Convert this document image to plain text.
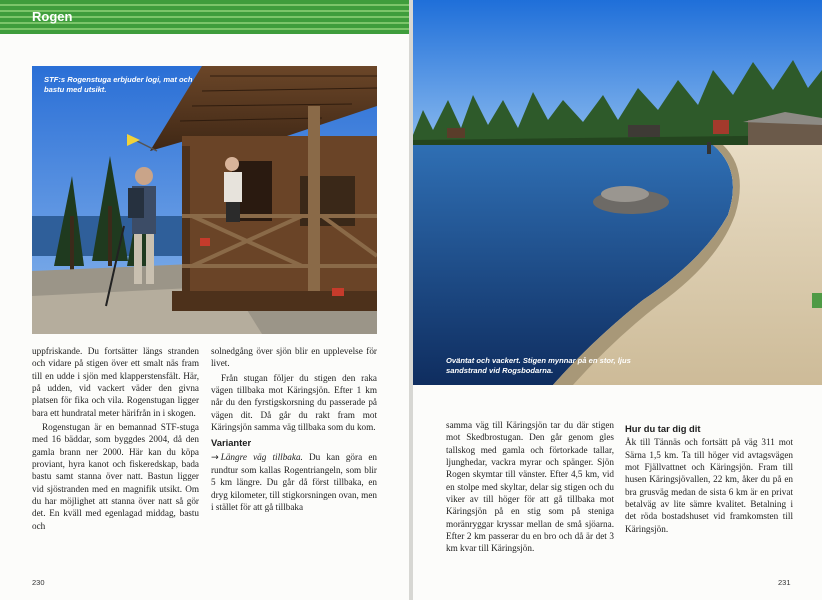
Rogen

STF:s Rogenstuga erbjuder logi, mat och bastu med utsikt.

Oväntat och vackert. Stigen mynnar på en stor, ljus sandstrand vid Rogsbodarna.

uppfriskande. Du fortsätter längs stranden och vidare på stigen över ett smalt näs fram till en udde i sjön med klapperstensfält. Här, på udden, vid vackert väder den givna platsen för fika och vila. Rogenstugan ligger bara ett hundratal meter härifrån in i skogen.

Rogenstugan är en bemannad STF-stuga med 16 bäddar, som byggdes 2004, då den gamla brann ner 2000. Här kan du köpa proviant, hyra kanot och fiskeredskap, bada bastu samt stanna över natt. Bastun ligger vid sjöstranden med en magnifik utsikt. Om du har möjlighet att stanna över natt så gör det. En kväll med egenlagad middag, bastu och

solnedgång över sjön blir en upplevelse för livet.

Från stugan följer du stigen den raka vägen tillbaka mot Käringsjön. Efter 1 km når du den fyrstigskorsning du passerade på vägen dit. Då går du rakt fram mot Käringsjön samma väg tillbaka som du kom.

Varianter

→ Längre väg tillbaka. Du kan göra en rundtur som kallas Rogentriangeln, som blir 5 km längre. Du går då först tillbaka, en dryg kilometer, till stigkorsningen ovan, men i stället för att gå tillbaka

samma väg till Käringsjön tar du där stigen mot Skedbrostugan. Den går genom gles tallskog med gamla och förtorkade tallar, ljunghedar, vackra myrar och spänger. Sjön Rogen skymtar till vänster. Efter 4,5 km, vid en stolpe med skyltar, delar sig stigen och du viker av till höger för att gå tillbaka mot Käringsjön på en stig som på steniga moränryggar kryssar mellan de små sjöarna. Efter 2 km passerar du en bro och då är det 3 km kvar till Käringsjön.

Hur du tar dig dit

Åk till Tännäs och fortsätt på väg 311 mot Särna 1,5 km. Ta till höger vid avtagsvägen mot Fjällvattnet och Käringsjön. Fram till husen Käringsjövallen, 22 km, åker du på en bra grusväg medan de sista 6 km är en privat betalväg av lite sämre kvalitet. Betalning i det röda bostadshuset vid framkomsten till Käringsjön.

230	231
